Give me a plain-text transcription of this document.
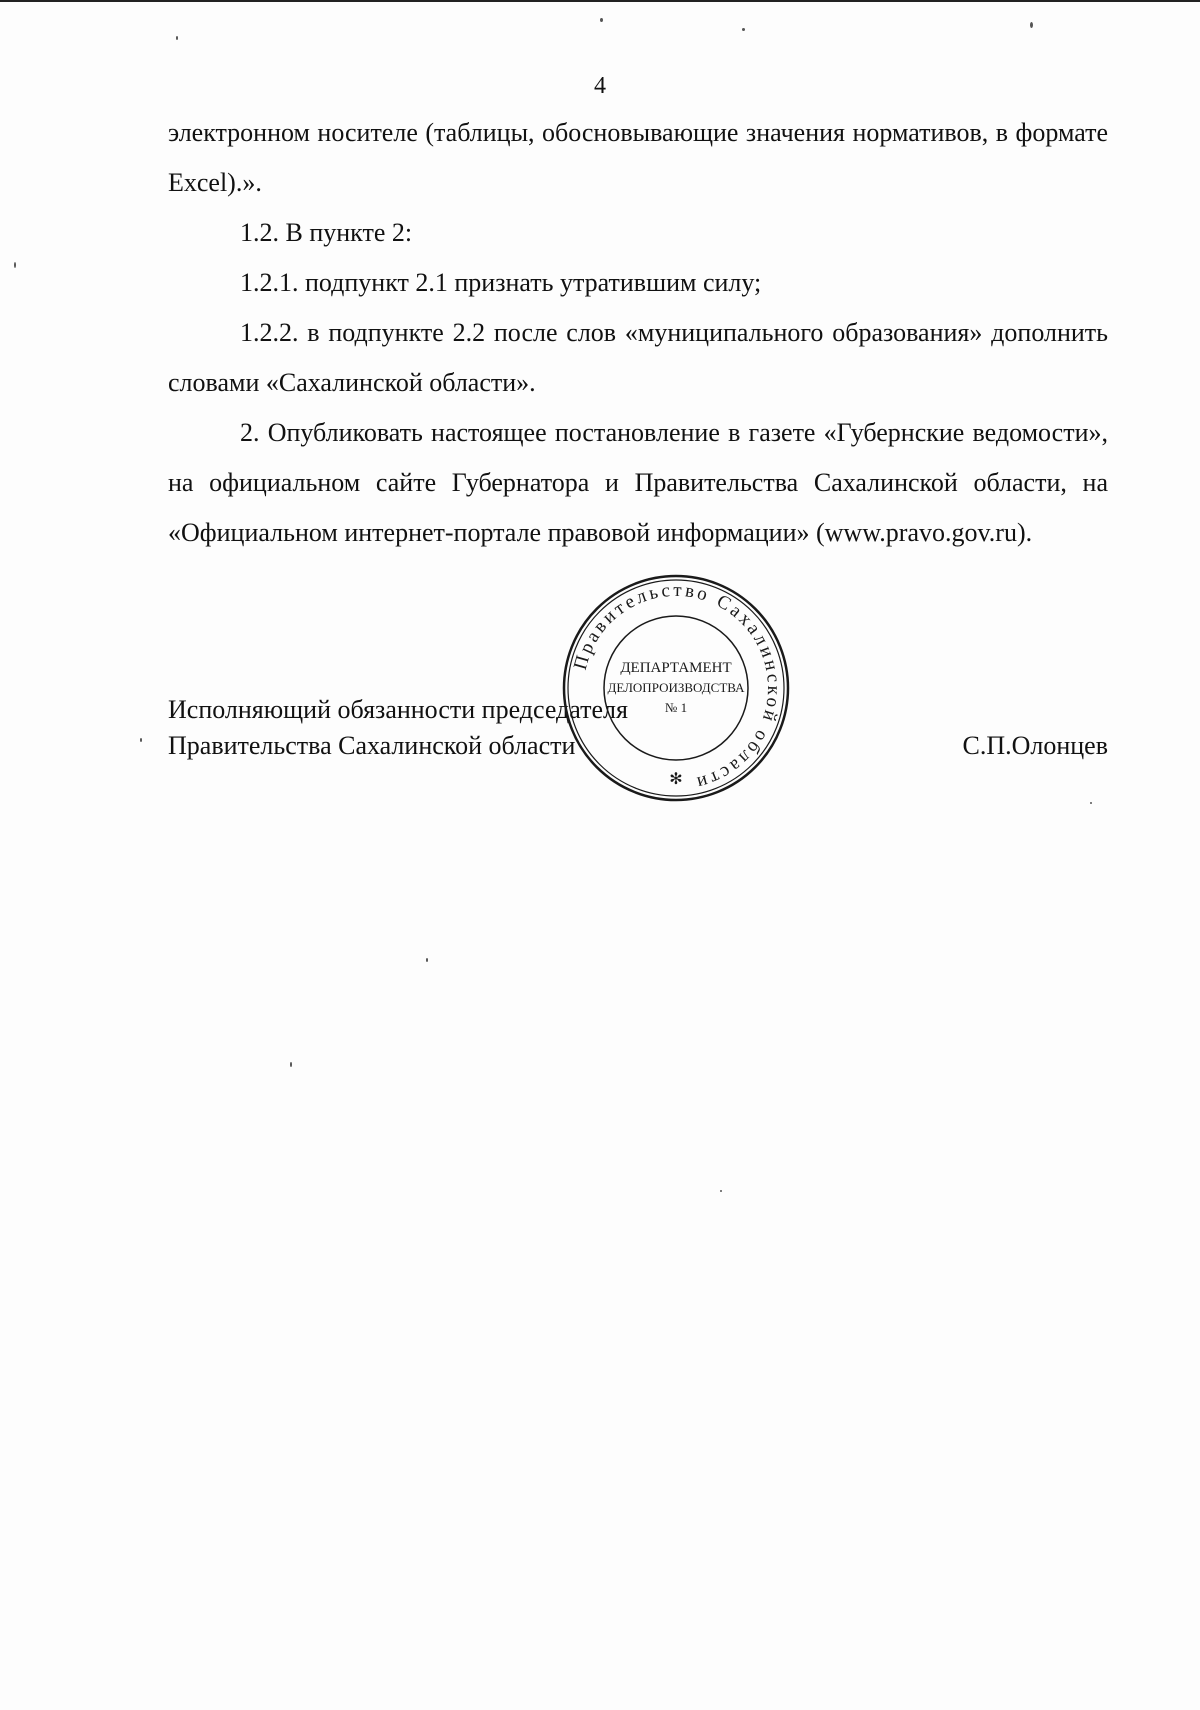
4

электронном носителе (таблицы, обосновывающие значения нормативов, в формате Excel).».

1.2. В пункте 2:

1.2.1. подпункт 2.1 признать утратившим силу;

1.2.2. в подпункте 2.2 после слов «муниципального образования» дополнить словами «Сахалинской области».

2. Опубликовать настоящее постановление в газете «Губернские ведомости», на официальном сайте Губернатора и Правительства Сахалинской области, на «Официальном интернет-портале правовой информации» (www.pravo.gov.ru).

Исполняющий обязанности председателя
Правительства Сахалинской области	С.П.Олонцев
Правительство Сахалинской области
ДЕПАРТАМЕНТ
ДЕЛОПРОИЗВОДСТВА
№ 1
✻
